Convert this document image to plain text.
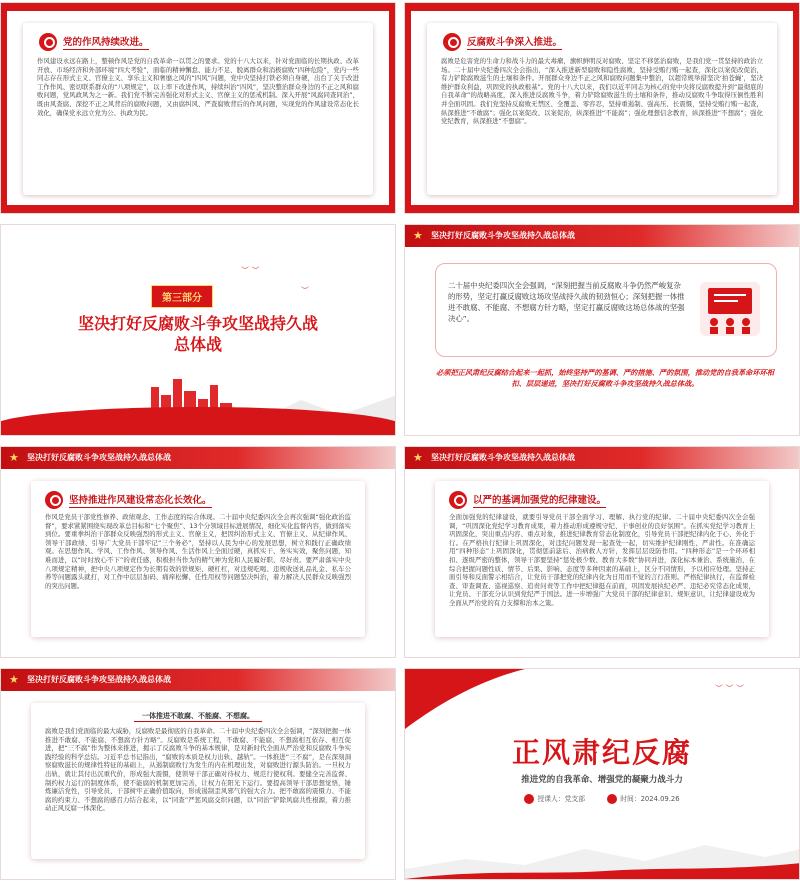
党的作风持续改进。
作风建设永远在路上，整顿作风是党的自我革命一以贯之的要求。党的十八大以来，针对党面临的长期执政、改革开放、市场经济和外部环境“四大考验”，面临的精神懈怠、能力不足、脱离群众和消极腐败“四种危险”，党内一些同志存在形式主义、官僚主义、享乐主义和奢靡之风的“四风”问题，党中央坚持打铁必须自身硬，出台了关于改进工作作风、密切联系群众的“八项规定”，以上率下改进作风，持续纠治“四风”，坚决整治群众身边的不正之风和腐败问题，党风政风为之一新。我们党不断完善强化对形式主义、官僚主义的惩戒机制。深入开展“风腐同查同治”，既由风查腐、深挖不正之风背后的腐败问题，又由腐纠风、严查腐败背后的作风问题，实现党的作风建设常态化长效化，确保党永远立党为公、执政为民。
反腐败斗争深入推进。
腐败是危害党的生命力和战斗力的最大毒瘤，旗帜鲜明反对腐败、坚定不移惩治腐败，是我们党一贯坚持的政治立场。二十届中央纪委四次全会指出，“深入推进新型腐败和隐性腐败，坚持受贿行贿一起查，深化以案促改促治，有力铲除腐败滋生的土壤和条件。开展群众身边不正之风和腐败问题集中整治，以超常规举措坚决‘拍苍蝇’，坚决维护群众利益，巩固党的执政根基”。党的十八大以来，我们以近平同志为核心的党中央将反腐败提升到“最彻底的自我革命”的战略高度，深入推进反腐败斗争，着力铲除腐败滋生的土壤和条件，推动反腐败斗争取得压倒性胜利并全面巩固。我们党坚持反腐败无禁区、全覆盖、零容忍，坚持重遏制、强高压、长震慑，坚持受贿行贿一起查，纵深推进“不敢腐”；强化以案促改、以案促治，纵深推进“不能腐”；强化理想信念教育，纵深推进“不想腐”；强化党纪教育，纵深推进“不想腐”。
︶ ︶
︶
第三部分
坚决打好反腐败斗争攻坚战持久战
总体战
★ 坚决打好反腐败斗争攻坚战持久战总体战
二十届中央纪委四次全会强调，“深刻把握当前反腐败斗争仍然严峻复杂的形势，坚定打赢反腐败这场攻坚战持久战的韧劲恒心；深刻把握一体推进不敢腐、不能腐、不想腐方针方略，坚定打赢反腐败这场总体战的坚强决心”。
必须把正风肃纪反腐结合起来一起抓，始终坚持严的基调、严的措施、严的氛围，推动党的自我革命环环相扣、层层递进，坚决打好反腐败斗争攻坚战持久战总体战。
★ 坚决打好反腐败斗争攻坚战持久战总体战
坚持推进作风建设常态化长效化。
作风是党员干部党性修养、政绩观念、工作态度的综合体现。二十届中央纪委四次全会再次强调“强化政治监督”，要求紧紧围绕实现改革总目标和“七个聚焦”、13个分领域目标进展情况，细化实化监督内容，做到落实到位。要重拳纠治干部群众反映强烈的形式主义、官僚主义，把因纠治形式主义、官僚主义、从纪律作风、领导干部政绩、引导广大党员干部牢记“三个务必”，坚持以人民为中心的发展思想，树立和践行正确政绩观。在思想作风、学风、工作作风、领导作风、生活作风上全面过硬，真抓实干、务实实效，聚焦问题，知难而进，以“时时放心不下”的责任感，积极担当作为的精气神为党和人民履好职、尽好责。要严肃落实中央八项规定精神，把中央八项规定作为长期有效的铁规矩、硬杠杠，对违规吃喝、违规收送礼品礼金、私车公养等问题露头就打，对工作中层层加码、痛痒松懈、任性用权等问题坚决纠治，着力解决人民群众反映强烈的突出问题。
★ 坚决打好反腐败斗争攻坚战持久战总体战
以严的基调加强党的纪律建设。
全面加强党的纪律建设，就要引导党员干部全面学习、理解、执行党的纪律。二十届中央纪委四次全会强调，“巩固深化党纪学习教育成果，着力推动形成遵规守纪、干事创业的良好氛围”。在抓实党纪学习教育上巩固深化，突出重点内容、重点对象，推进纪律教育常态化制度化，引导党员干部把纪律内化于心、外化于行。在严格执行纪律上巩固深化，对违纪问题发现一起查处一起，切实维护纪律刚性、严肃性。在准确运用“四种形态”上巩固深化，贯彻惩前毖后、治病救人方针，发挥层层设防作用。“四种形态”是一个环环相扣、逐级严密的整体，领导干部要坚持“惩处极少数、教育大多数”协同并进，深化标本兼治、系统施治，在综合把握问题性质、情节、后果、影响、态度等多种因素的基础上，区分不同情形，予以相应处理。坚持正面引导和反面警示相结合，让党员干部把党的纪律内化为日用而不觉的言行准则。严格纪律执行，在监督检查、审查调查、巡视巡察、追责问责等工作中把纪律挺在前面，巩固发展执纪必严、违纪必究常态化成果，让党员、干部充分认识到党纪严于国法。进一步增强广大党员干部的纪律意识、规矩意识，让纪律建设成为全面从严治党的有力支撑和治本之策。
★ 坚决打好反腐败斗争攻坚战持久战总体战
一体推进不敢腐、不能腐、不想腐。
腐败是我们党面临的最大威胁，反腐败是最彻底的自我革命。二十届中央纪委四次全会强调，“深刻把握一体推进不敢腐、不能腐、不想腐方针方略”。反腐败是系统工程，不敢腐、不能腐、不想腐相互依存、相互促进，把“三不腐”作为整体来推进，揭示了反腐败斗争的基本规律，是对新时代全面从严治党和反腐败斗争实践经验的科学总结。习近平总书记指出，“腐败的本质是权力出轨、越轨”。一体推进“三不腐”，是在深刻洞察腐败滋长的规律性特征的基础上，从遏制腐败行为发生的内在机理出发，对腐败进行源头防治。一旦权力出轨，就让其付出沉重代价，形成强大震慑，使领导干部正确对待权力、规范行使权利。要健全完善监督、制约权力运行的制度体系，使不能腐的机制更加完善，让权力在阳光下运行。要提高领导干部思想觉悟，锤炼廉洁党性，引导党员、干部树牢正确价值取向，形成遏制歪风邪气的强大合力。把不敢腐的震慑力、不能腐的约束力、不想腐的感召力结合起来，以“同查”严惩风腐交织问题，以“同治”铲除风腐共性根源，着力推动正风反腐一体深化。
︶ ︶ ︶
正风肃纪反腐
推进党的自我革命、增强党的凝聚力战斗力
授课人：党支部	时间：2024.09.26
